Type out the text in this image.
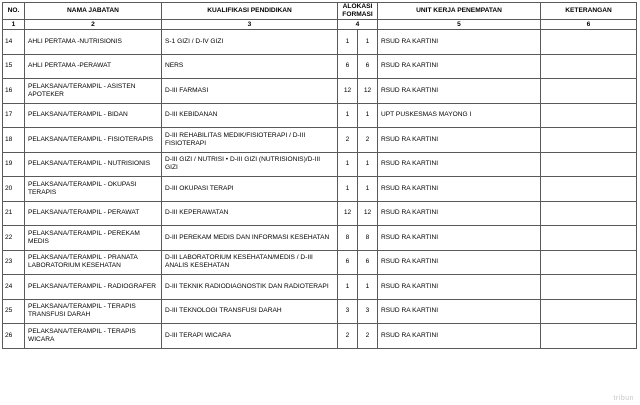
NO.	NAMA JABATAN	KUALIFIKASI PENDIDIKAN	ALOKASI FORMASI		UNIT KERJA PENEMPATAN	KETERANGAN
1	2	3	4		5	6
14	AHLI PERTAMA -NUTRISIONIS	S-1 GIZI / D-IV GIZI	1	1	RSUD RA KARTINI	
15	AHLI PERTAMA -PERAWAT	NERS	6	6	RSUD RA KARTINI	
16	PELAKSANA/TERAMPIL - ASISTEN APOTEKER	D-III FARMASI	12	12	RSUD RA KARTINI	
17	PELAKSANA/TERAMPIL - BIDAN	D-III KEBIDANAN	1	1	UPT PUSKESMAS MAYONG I	
18	PELAKSANA/TERAMPIL - FISIOTERAPIS	D-III REHABILITAS MEDIK/FISIOTERAPI / D-III FISIOTERAPI	2	2	RSUD RA KARTINI	
19	PELAKSANA/TERAMPIL - NUTRISIONIS	D-III GIZI / NUTRISI • D-III GIZI (NUTRISIONIS)/D-III GIZI	1	1	RSUD RA KARTINI	
20	PELAKSANA/TERAMPIL - OKUPASI TERAPIS	D-III OKUPASI TERAPI	1	1	RSUD RA KARTINI	
21	PELAKSANA/TERAMPIL - PERAWAT	D-III KEPERAWATAN	12	12	RSUD RA KARTINI	
22	PELAKSANA/TERAMPIL - PEREKAM MEDIS	D-III PEREKAM MEDIS DAN INFORMASI KESEHATAN	8	8	RSUD RA KARTINI	
23	PELAKSANA/TERAMPIL - PRANATA LABORATORIUM KESEHATAN	D-III LABORATORIUM KESEHATAN/MEDIS / D-III ANALIS KESEHATAN	6	6	RSUD RA KARTINI	
24	PELAKSANA/TERAMPIL - RADIOGRAFER	D-III TEKNIK RADIODIAGNOSTIK DAN RADIOTERAPI	1	1	RSUD RA KARTINI	
25	PELAKSANA/TERAMPIL - TERAPIS TRANSFUSI DARAH	D-III TEKNOLOGI TRANSFUSI DARAH	3	3	RSUD RA KARTINI	
26	PELAKSANA/TERAMPIL - TERAPIS WICARA	D-III TERAPI WICARA	2	2	RSUD RA KARTINI	
tribun
